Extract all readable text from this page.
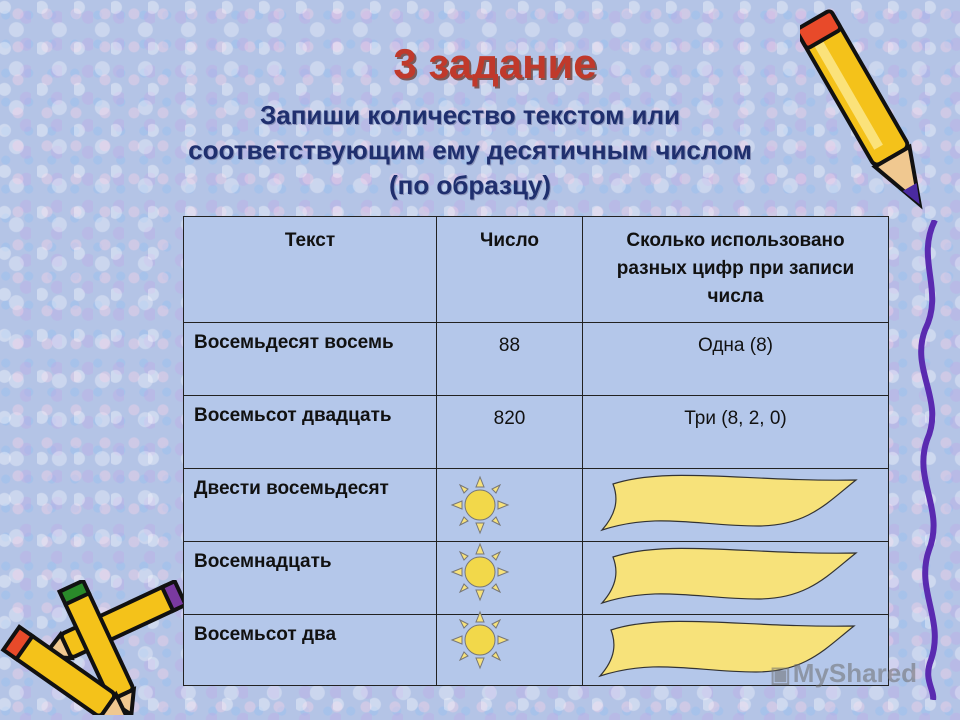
3 задание
Запиши количество текстом или
соответствующим ему десятичным числом
(по образцу)
Текст	Число	Сколько использовано разных цифр при записи числа
Восемьдесят восемь	88	Одна (8)
Восемьсот двадцать	820	Три (8, 2, 0)
Двести восемьдесят		
Восемнадцать		
Восемьсот два		
▣MyShared
